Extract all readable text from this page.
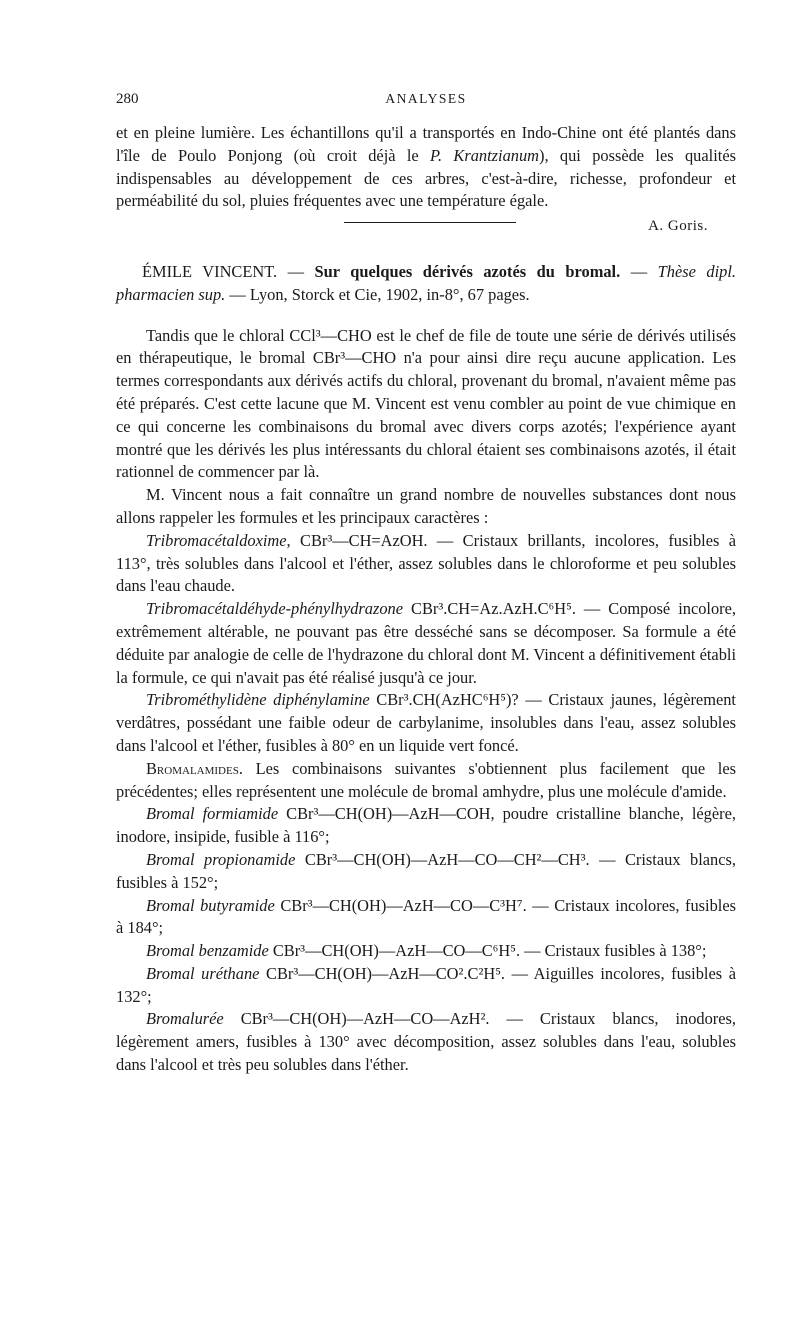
280	ANALYSES

et en pleine lumière. Les échantillons qu'il a transportés en Indo-Chine ont été plantés dans l'île de Poulo Ponjong (où croit déjà le P. Krantzianum), qui possède les qualités indispensables au développement de ces arbres, c'est-à-dire, richesse, profondeur et perméabilité du sol, pluies fréquentes avec une température égale.

A. Goris.

ÉMILE VINCENT. — Sur quelques dérivés azotés du bromal. — Thèse dipl. pharmacien sup. — Lyon, Storck et Cie, 1902, in-8°, 67 pages.

Tandis que le chloral CCl³—CHO est le chef de file de toute une série de dérivés utilisés en thérapeutique, le bromal CBr³—CHO n'a pour ainsi dire reçu aucune application. Les termes correspondants aux dérivés actifs du chloral, provenant du bromal, n'avaient même pas été préparés. C'est cette lacune que M. Vincent est venu combler au point de vue chimique en ce qui concerne les combinaisons du bromal avec divers corps azotés; l'expérience ayant montré que les dérivés les plus intéressants du chloral étaient ses combinaisons azotés, il était rationnel de commencer par là.

M. Vincent nous a fait connaître un grand nombre de nouvelles substances dont nous allons rappeler les formules et les principaux caractères :

Tribromacétaldoxime, CBr³—CH=AzOH. — Cristaux brillants, incolores, fusibles à 113°, très solubles dans l'alcool et l'éther, assez solubles dans le chloroforme et peu solubles dans l'eau chaude.

Tribromacétaldéhyde-phénylhydrazone CBr³.CH=Az.AzH.C⁶H⁵. — Composé incolore, extrêmement altérable, ne pouvant pas être desséché sans se décomposer. Sa formule a été déduite par analogie de celle de l'hydrazone du chloral dont M. Vincent a définitivement établi la formule, ce qui n'avait pas été réalisé jusqu'à ce jour.

Tribrométhylidène diphénylamine CBr³.CH(AzHC⁶H⁵)? — Cristaux jaunes, légèrement verdâtres, possédant une faible odeur de carbylanime, insolubles dans l'eau, assez solubles dans l'alcool et l'éther, fusibles à 80° en un liquide vert foncé.

Bromalamides. Les combinaisons suivantes s'obtiennent plus facilement que les précédentes; elles représentent une molécule de bromal amhydre, plus une molécule d'amide.

Bromal formiamide CBr³—CH(OH)—AzH—COH, poudre cristalline blanche, légère, inodore, insipide, fusible à 116°;

Bromal propionamide CBr³—CH(OH)—AzH—CO—CH²—CH³. — Cristaux blancs, fusibles à 152°;

Bromal butyramide CBr³—CH(OH)—AzH—CO—C³H⁷. — Cristaux incolores, fusibles à 184°;

Bromal benzamide CBr³—CH(OH)—AzH—CO—C⁶H⁵. — Cristaux fusibles à 138°;

Bromal uréthane CBr³—CH(OH)—AzH—CO².C²H⁵. — Aiguilles incolores, fusibles à 132°;

Bromalurée CBr³—CH(OH)—AzH—CO—AzH². — Cristaux blancs, inodores, légèrement amers, fusibles à 130° avec décomposition, assez solubles dans l'eau, solubles dans l'alcool et très peu solubles dans l'éther.
